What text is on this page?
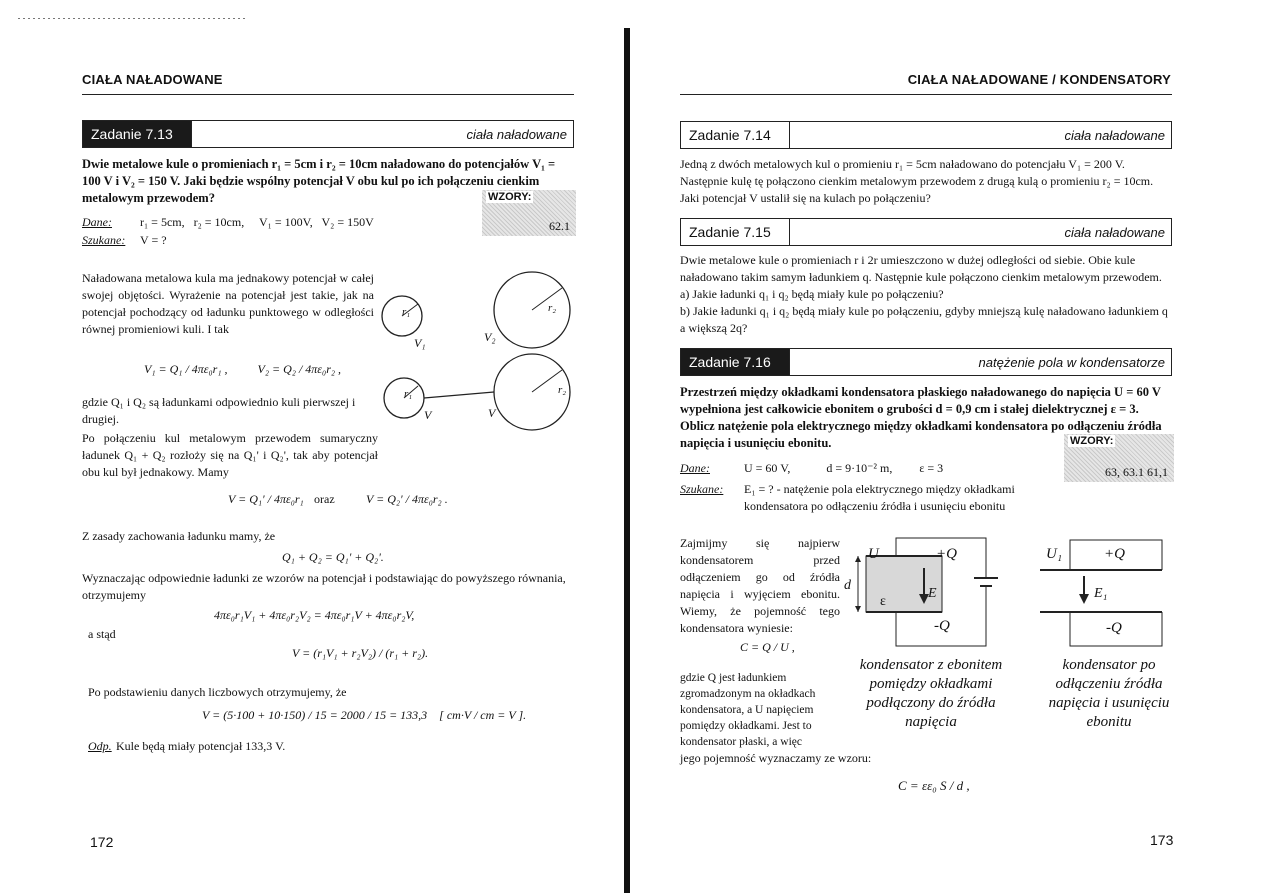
CIAŁA NAŁADOWANE
Zadanie 7.13	ciała naładowane
Dwie metalowe kule o promieniach r₁ = 5cm i r₂ = 10cm naładowano do potencjałów V₁ = 100 V i V₂ = 150 V. Jaki będzie wspólny potencjał V obu kul po ich połączeniu cienkim metalowym przewodem?	WZORY:
62.1
Dane: r₁ = 5cm,   r₂ = 10cm,     V₁ = 100V,   V₂ = 150V
Szukane: V = ?
Naładowana metalowa kula ma jednakowy potencjał w całej swojej objętości. Wyrażenie na potencjał jest takie, jak na potencjał pochodzący od ładunku punktowego w odległości równej promieniowi kuli. I tak
r₁	r₂
V₁	V₂
r₁	r₂
V	V
V₁ = Q₁ / 4πε₀r₁ ,          V₂ = Q₂ / 4πε₀r₂ ,
gdzie Q₁ i Q₂ są ładunkami odpowiednio kuli pierwszej i drugiej.
Po połączeniu kul metalowym przewodem sumaryczny ładunek Q₁ + Q₂ rozłoży się na Q₁' i Q₂', tak aby potencjał obu kul był jednakowy. Mamy
V = Q₁' / 4πε₀r₁ oraz	V = Q₂' / 4πε₀r₂ .
Z zasady zachowania ładunku mamy, że
Q₁ + Q₂ = Q₁' + Q₂'.
Wyznaczając odpowiednie ładunki ze wzorów na potencjał i podstawiając do powyższego równania, otrzymujemy
4πε₀r₁V₁ + 4πε₀r₂V₂ = 4πε₀r₁V + 4πε₀r₂V,
a stąd
V = (r₁V₁ + r₂V₂) / (r₁ + r₂).
Po podstawieniu danych liczbowych otrzymujemy, że
V = (5·100 + 10·150) / 15 = 2000 / 15 = 133,3    [ cm·V / cm = V ].
Odp. Kule będą miały potencjał 133,3 V.
172
CIAŁA NAŁADOWANE / KONDENSATORY
Zadanie 7.14	ciała naładowane
Jedną z dwóch metalowych kul o promieniu r₁ = 5cm naładowano do potencjału V₁ = 200 V. Następnie kulę tę połączono cienkim metalowym przewodem z drugą kulą o promieniu r₂ = 10cm. Jaki potencjał V ustalił się na kulach po połączeniu?
Zadanie 7.15	ciała naładowane
Dwie metalowe kule o promieniach r i 2r umieszczono w dużej odległości od siebie. Obie kule naładowano takim samym ładunkiem q. Następnie kule połączono cienkim metalowym przewodem. a) Jakie ładunki q₁ i q₂ będą miały kule po połączeniu?
b) Jakie ładunki q₁ i q₂ będą miały kule po połączeniu, gdyby mniejszą kulę naładowano ładunkiem q a większą 2q?
Zadanie 7.16	natężenie pola w kondensatorze
Przestrzeń między okładkami kondensatora płaskiego naładowanego do napięcia U = 60 V wypełniona jest całkowicie ebonitem o grubości d = 0,9 cm i stałej dielektrycznej ε = 3. Oblicz natężenie pola elektrycznego między okładkami kondensatora po odłączeniu źródła napięcia i usunięciu ebonitu.	WZORY:
63, 63.1 61,1
Dane:	U = 60 V,            d = 9·10⁻² m,         ε = 3
Szukane: E₁ = ? - natężenie pola elektrycznego między okładkami kondensatora po odłączeniu źródła i usunięciu ebonitu
Zajmijmy się najpierw kondensatorem przed odłączeniem go od źródła napięcia i wyjęciem ebonitu. Wiemy, że pojemność tego kondensatora wyniesie:
C = Q / U ,
gdzie Q jest ładunkiem zgromadzonym na okładkach kondensatora, a U napięciem pomiędzy okładkami. Jest to kondensator płaski, a więc
jego pojemność wyznaczamy ze wzoru:
C = εε₀ S / d ,
U	+Q
d
ε
E
-Q
U₁	+Q
E₁
-Q
kondensator z ebonitem pomiędzy okładkami podłączony do źródła napięcia
kondensator po odłączeniu źródła napięcia i usunięciu ebonitu
173
